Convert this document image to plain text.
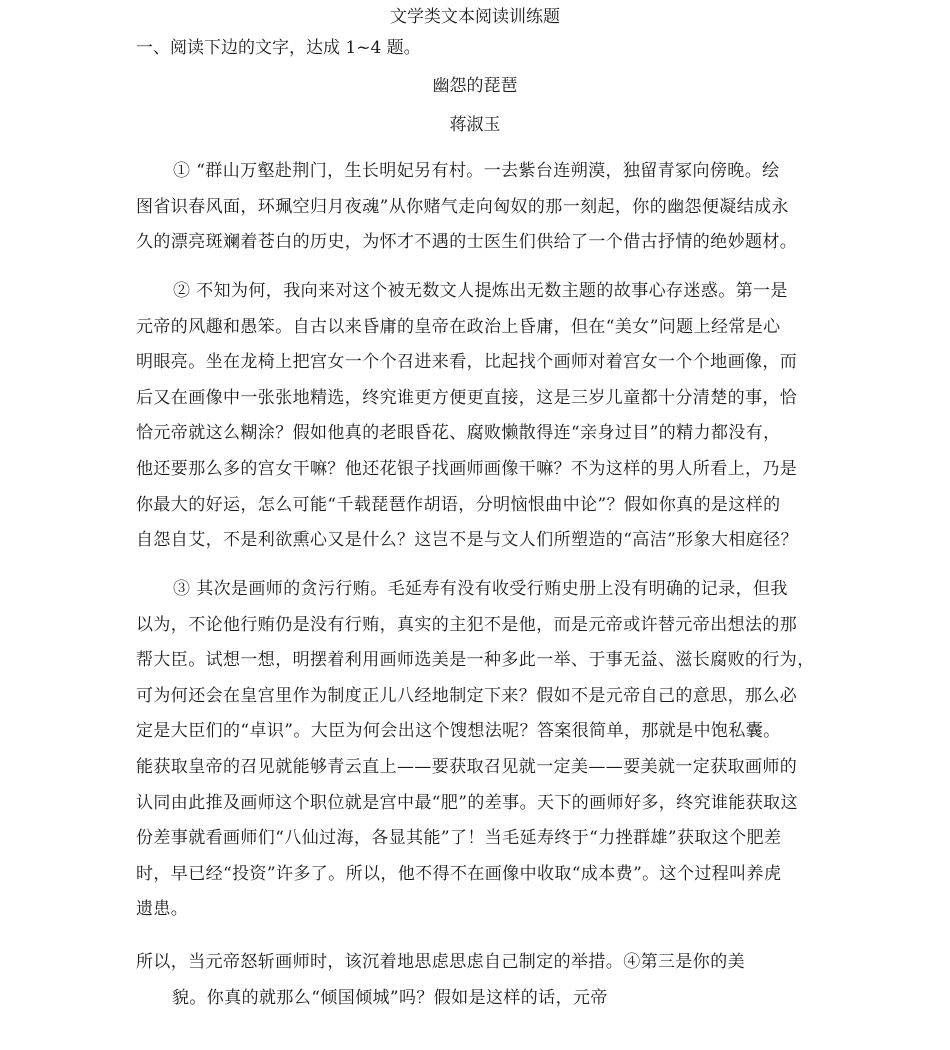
文学类文本阅读训练题
一、阅读下边的文字，达成 1~4 题。
幽怨的琵琶
蒋淑玉
① “群山万壑赴荆门，生长明妃另有村。一去紫台连朔漠，独留青冢向傍晚。绘
图省识春风面，环珮空归月夜魂”从你赌气走向匈奴的那一刻起，你的幽怨便凝结成永
久的漂亮斑斓着苍白的历史，为怀才不遇的士医生们供给了一个借古抒情的绝妙题材。
② 不知为何，我向来对这个被无数文人提炼出无数主题的故事心存迷惑。第一是
元帝的风趣和愚笨。自古以来昏庸的皇帝在政治上昏庸，但在“美女”问题上经常是心
明眼亮。坐在龙椅上把宫女一个个召进来看，比起找个画师对着宫女一个个地画像，而
后又在画像中一张张地精选，终究谁更方便更直接，这是三岁儿童都十分清楚的事，恰
恰元帝就这么糊涂？假如他真的老眼昏花、腐败懒散得连“亲身过目”的精力都没有，
他还要那么多的宫女干嘛？他还花银子找画师画像干嘛？不为这样的男人所看上，乃是
你最大的好运，怎么可能“千载琵琶作胡语，分明恼恨曲中论”？假如你真的是这样的
自怨自艾，不是利欲熏心又是什么？这岂不是与文人们所塑造的“高洁”形象大相庭径？
③ 其次是画师的贪污行贿。毛延寿有没有收受行贿史册上没有明确的记录，但我
以为，不论他行贿仍是没有行贿，真实的主犯不是他，而是元帝或许替元帝出想法的那
帮大臣。试想一想，明摆着利用画师选美是一种多此一举、于事无益、滋长腐败的行为，
可为何还会在皇宫里作为制度正儿八经地制定下来？假如不是元帝自己的意思，那么必
定是大臣们的“卓识”。大臣为何会出这个馊想法呢？答案很简单，那就是中饱私囊。
能获取皇帝的召见就能够青云直上——要获取召见就一定美——要美就一定获取画师的
认同由此推及画师这个职位就是宫中最“肥”的差事。天下的画师好多，终究谁能获取这
份差事就看画师们“八仙过海，各显其能”了！当毛延寿终于“力挫群雄”获取这个肥差
时，早已经“投资”许多了。所以，他不得不在画像中收取“成本费”。这个过程叫养虎
遗患。
所以，当元帝怒斩画师时，该沉着地思虑思虑自己制定的举措。④第三是你的美
貌。你真的就那么“倾国倾城”吗？假如是这样的话，元帝
